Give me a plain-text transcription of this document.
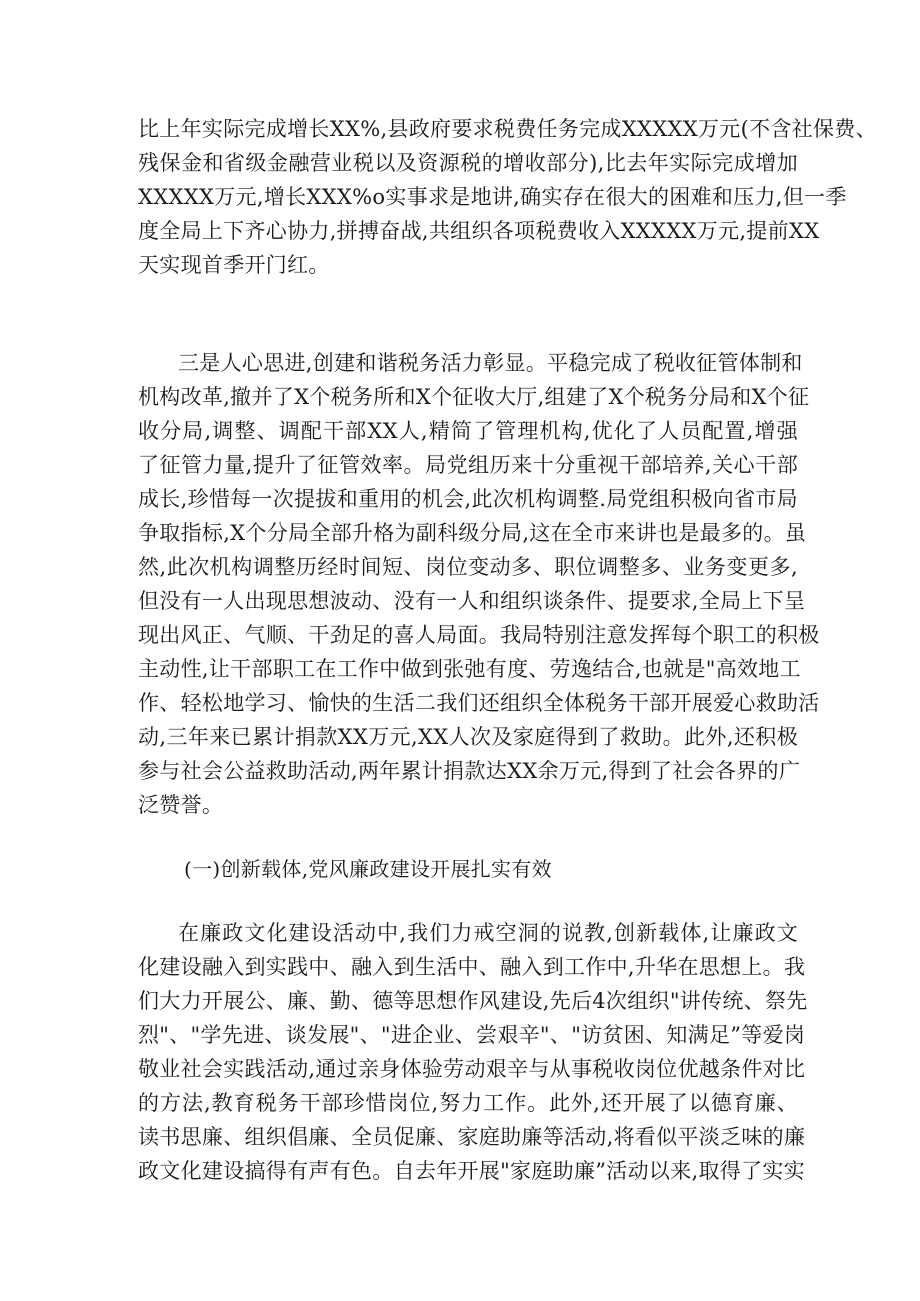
比上年实际完成增长XX%,县政府要求税费任务完成XXXXX万元(不含社保费、
残保金和省级金融营业税以及资源税的增收部分),比去年实际完成增加
XXXXX万元,增长XXX%o实事求是地讲,确实存在很大的困难和压力,但一季
度全局上下齐心协力,拼搏奋战,共组织各项税费收入XXXXX万元,提前XX
天实现首季开门红。
三是人心思进,创建和谐税务活力彰显。平稳完成了税收征管体制和
机构改革,撤并了X个税务所和X个征收大厅,组建了X个税务分局和X个征
收分局,调整、调配干部XX人,精简了管理机构,优化了人员配置,增强
了征管力量,提升了征管效率。局党组历来十分重视干部培养,关心干部
成长,珍惜每一次提拔和重用的机会,此次机构调整.局党组积极向省市局
争取指标,X个分局全部升格为副科级分局,这在全市来讲也是最多的。虽
然,此次机构调整历经时间短、岗位变动多、职位调整多、业务变更多,
但没有一人出现思想波动、没有一人和组织谈条件、提要求,全局上下呈
现出风正、气顺、干劲足的喜人局面。我局特别注意发挥每个职工的积极
主动性,让干部职工在工作中做到张弛有度、劳逸结合,也就是"高效地工
作、轻松地学习、愉快的生活二我们还组织全体税务干部开展爱心救助活
动,三年来已累计捐款XX万元,XX人次及家庭得到了救助。此外,还积极
参与社会公益救助活动,两年累计捐款达XX余万元,得到了社会各界的广
泛赞誉。
(一)创新载体,党风廉政建设开展扎实有效
在廉政文化建设活动中,我们力戒空洞的说教,创新载体,让廉政文
化建设融入到实践中、融入到生活中、融入到工作中,升华在思想上。我
们大力开展公、廉、勤、德等思想作风建设,先后4次组织"讲传统、祭先
烈"、"学先进、谈发展"、"进企业、尝艰辛"、"访贫困、知满足”等爱岗
敬业社会实践活动,通过亲身体验劳动艰辛与从事税收岗位优越条件对比
的方法,教育税务干部珍惜岗位,努力工作。此外,还开展了以德育廉、
读书思廉、组织倡廉、全员促廉、家庭助廉等活动,将看似平淡乏味的廉
政文化建设搞得有声有色。自去年开展"家庭助廉”活动以来,取得了实实
